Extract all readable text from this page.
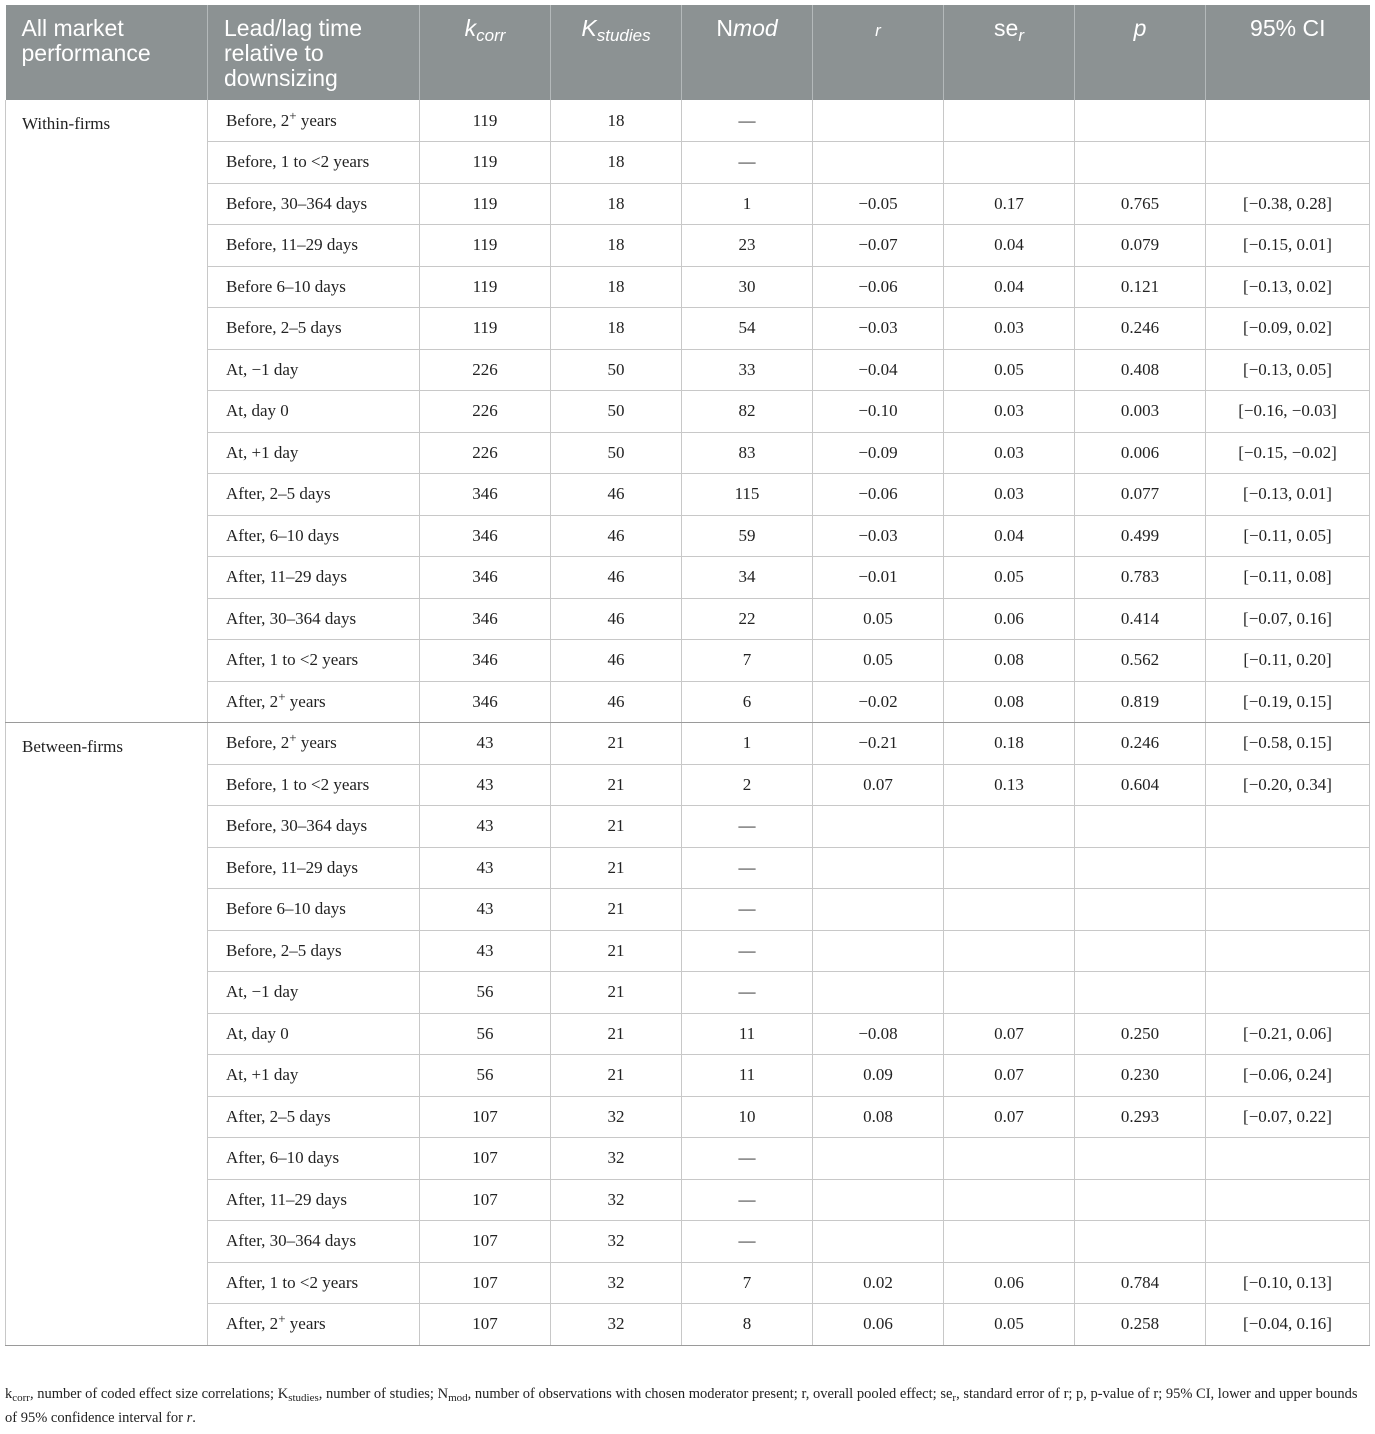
All market performance	Lead/lag time relative to downsizing	$k_{corr}$	$K_{studies}$	Nmod	r	$se_r$	p	95% CI
Within-firms	Before, 2+ years	119	18	—				
	Before, 1 to <2 years	119	18	—				
	Before, 30–364 days	119	18	1	−0.05	0.17	0.765	[−0.38, 0.28]
	Before, 11–29 days	119	18	23	−0.07	0.04	0.079	[−0.15, 0.01]
	Before 6–10 days	119	18	30	−0.06	0.04	0.121	[−0.13, 0.02]
	Before, 2–5 days	119	18	54	−0.03	0.03	0.246	[−0.09, 0.02]
	At, −1 day	226	50	33	−0.04	0.05	0.408	[−0.13, 0.05]
	At, day 0	226	50	82	−0.10	0.03	0.003	[−0.16, −0.03]
	At, +1 day	226	50	83	−0.09	0.03	0.006	[−0.15, −0.02]
	After, 2–5 days	346	46	115	−0.06	0.03	0.077	[−0.13, 0.01]
	After, 6–10 days	346	46	59	−0.03	0.04	0.499	[−0.11, 0.05]
	After, 11–29 days	346	46	34	−0.01	0.05	0.783	[−0.11, 0.08]
	After, 30–364 days	346	46	22	0.05	0.06	0.414	[−0.07, 0.16]
	After, 1 to <2 years	346	46	7	0.05	0.08	0.562	[−0.11, 0.20]
	After, 2+ years	346	46	6	−0.02	0.08	0.819	[−0.19, 0.15]
Between-firms	Before, 2+ years	43	21	1	−0.21	0.18	0.246	[−0.58, 0.15]
	Before, 1 to <2 years	43	21	2	0.07	0.13	0.604	[−0.20, 0.34]
	Before, 30–364 days	43	21	—				
	Before, 11–29 days	43	21	—				
	Before 6–10 days	43	21	—				
	Before, 2–5 days	43	21	—				
	At, −1 day	56	21	—				
	At, day 0	56	21	11	−0.08	0.07	0.250	[−0.21, 0.06]
	At, +1 day	56	21	11	0.09	0.07	0.230	[−0.06, 0.24]
	After, 2–5 days	107	32	10	0.08	0.07	0.293	[−0.07, 0.22]
	After, 6–10 days	107	32	—				
	After, 11–29 days	107	32	—				
	After, 30–364 days	107	32	—				
	After, 1 to <2 years	107	32	7	0.02	0.06	0.784	[−0.10, 0.13]
	After, 2+ years	107	32	8	0.06	0.05	0.258	[−0.04, 0.16]
$k_{corr}$, number of coded effect size correlations; $K_{studies}$, number of studies; $N_{mod}$, number of observations with chosen moderator present; r, overall pooled effect; $se_r$, standard error of r; p, p-value of r; 95% CI, lower and upper bounds of 95% confidence interval for r.
